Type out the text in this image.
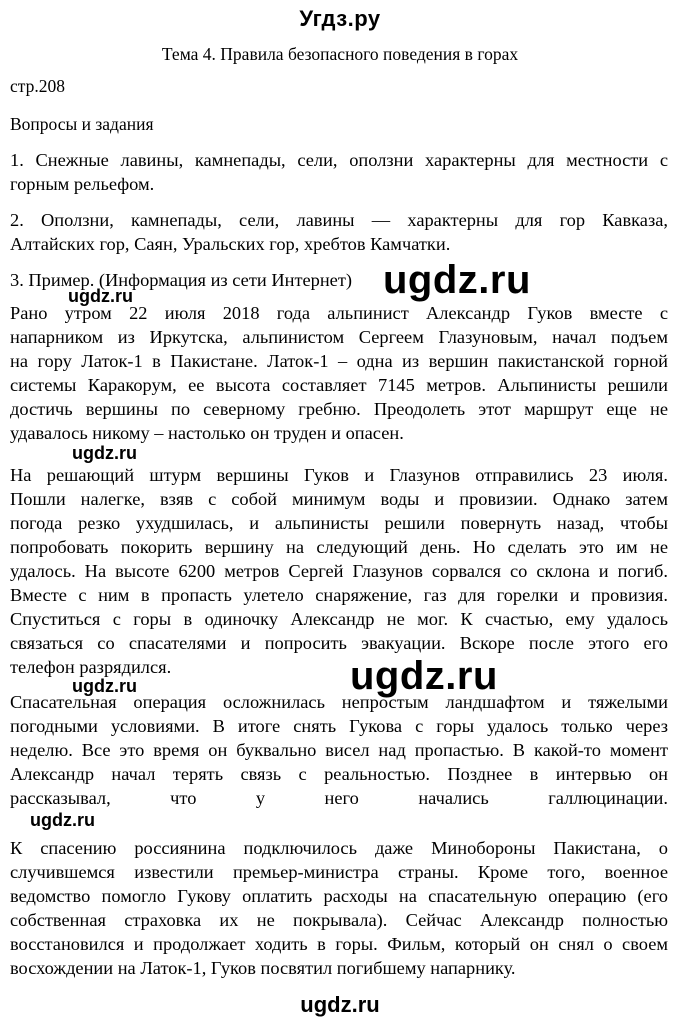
Угдз.ру
Тема 4. Правила безопасного поведения в горах
стр.208
Вопросы и задания
1. Снежные лавины, камнепады, сели, оползни характерны для местности с
горным рельефом.
2. Оползни, камнепады, сели, лавины — характерны для гор Кавказа,
Алтайских гор, Саян, Уральских гор, хребтов Камчатки.
3. Пример. (Информация из сети Интернет)
Рано утром 22 июля 2018 года альпинист Александр Гуков вместе с
напарником из Иркутска, альпинистом Сергеем Глазуновым, начал подъем
на гору Латок-1 в Пакистане. Латок-1 – одна из вершин пакистанской горной
системы Каракорум, ее высота составляет 7145 метров. Альпинисты решили
достичь вершины по северному гребню. Преодолеть этот маршрут еще не
удавалось никому – настолько он труден и опасен.
На решающий штурм вершины Гуков и Глазунов отправились 23 июля.
Пошли налегке, взяв с собой минимум воды и провизии. Однако затем
погода резко ухудшилась, и альпинисты решили повернуть назад, чтобы
попробовать покорить вершину на следующий день. Но сделать это им не
удалось. На высоте 6200 метров Сергей Глазунов сорвался со склона и погиб.
Вместе с ним в пропасть улетело снаряжение, газ для горелки и провизия.
Спуститься с горы в одиночку Александр не мог. К счастью, ему удалось
связаться со спасателями и попросить эвакуации. Вскоре после этого его
телефон разрядился.
Спасательная операция осложнилась непростым ландшафтом и тяжелыми
погодными условиями. В итоге снять Гукова с горы удалось только через
неделю. Все это время он буквально висел над пропастью. В какой-то момент
Александр начал терять связь с реальностью. Позднее в интервью он
рассказывал, что у него начались галлюцинации.
К спасению россиянина подключилось даже Минобороны Пакистана, о
случившемся известили премьер-министра страны. Кроме того, военное
ведомство помогло Гукову оплатить расходы на спасательную операцию (его
собственная страховка их не покрывала). Сейчас Александр полностью
восстановился и продолжает ходить в горы. Фильм, который он снял о своем
восхождении на Латок-1, Гуков посвятил погибшему напарнику.
ugdz.ru
ugdz.ru
ugdz.ru
ugdz.ru
ugdz.ru
ugdz.ru
ugdz.ru
